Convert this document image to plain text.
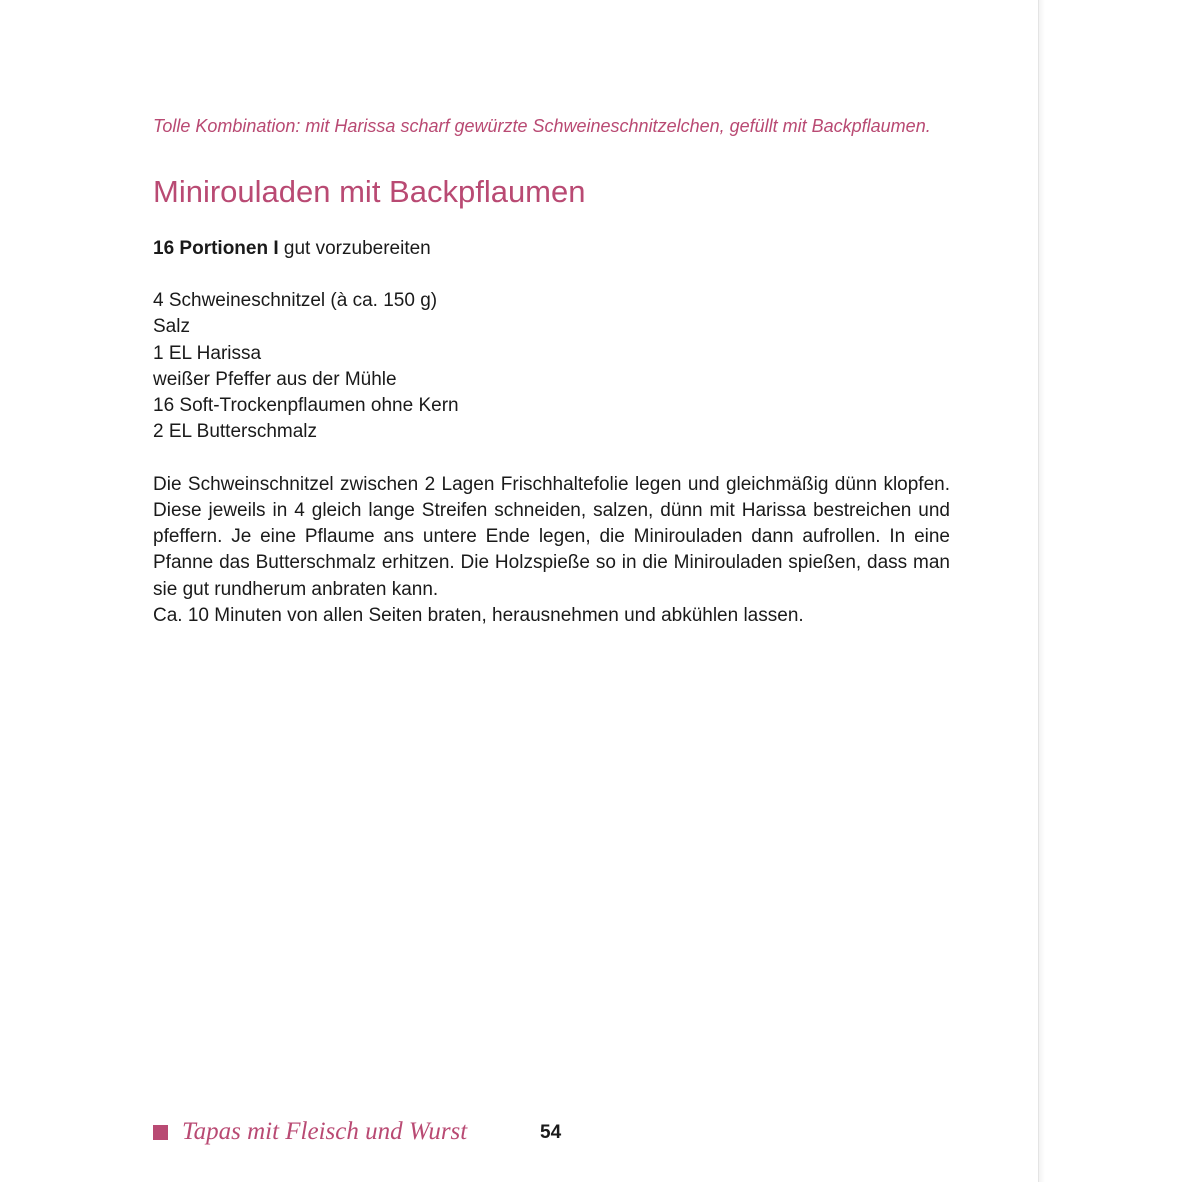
Tolle Kombination: mit Harissa scharf gewürzte Schweineschnitzelchen, gefüllt mit Backpflaumen.

Minirouladen mit Backpflaumen
16 Portionen I gut vorzubereiten
4 Schweineschnitzel (à ca. 150 g)
Salz
1 EL Harissa
weißer Pfeffer aus der Mühle
16 Soft-Trockenpflaumen ohne Kern
2 EL Butterschmalz

Die Schweinschnitzel zwischen 2 Lagen Frischhaltefolie legen und gleichmäßig dünn klopfen. Diese jeweils in 4 gleich lange Streifen schneiden, salzen, dünn mit Harissa bestreichen und pfeffern. Je eine Pflaume ans untere Ende legen, die Minirouladen dann aufrollen. In eine Pfanne das Butterschmalz erhitzen. Die Holzspieße so in die Minirouladen spießen, dass man sie gut rundherum anbraten kann.

Ca. 10 Minuten von allen Seiten braten, herausnehmen und abkühlen lassen.

Tapas mit Fleisch und Wurst	54
